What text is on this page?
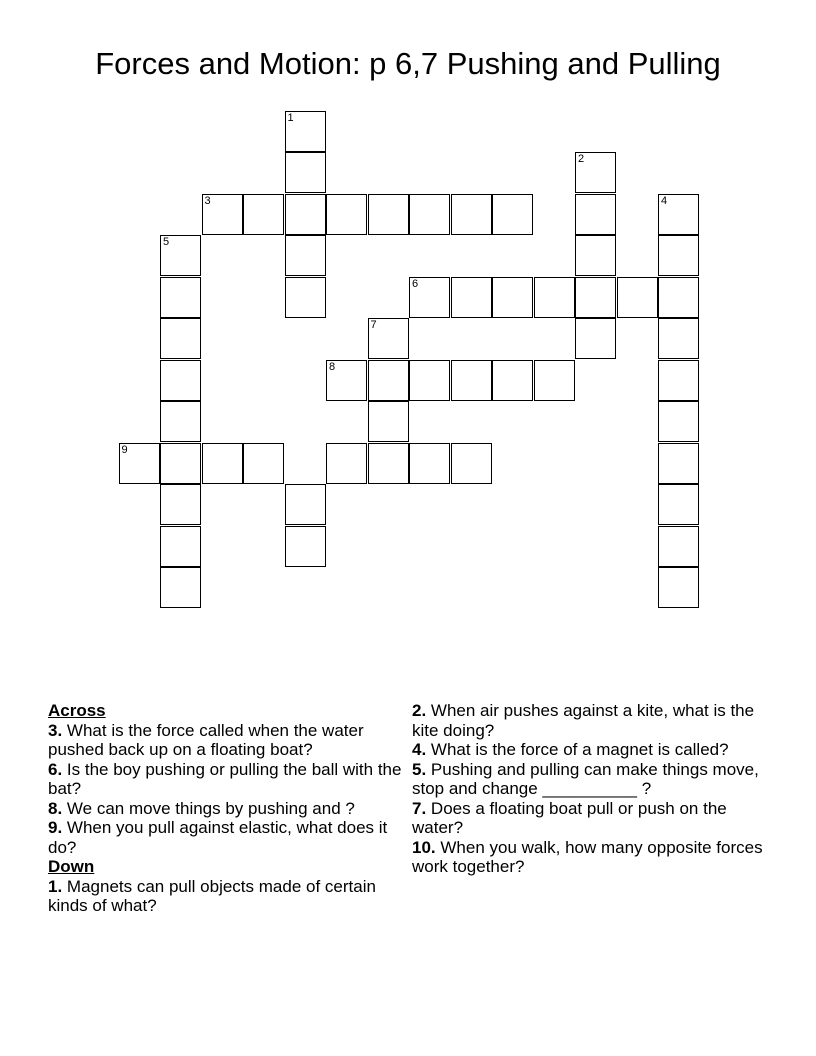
Forces and Motion: p 6,7 Pushing and Pulling
1
2
3	4
5
6
7
8
9
Across
3. What is the force called when the water pushed back up on a floating boat?
6. Is the boy pushing or pulling the ball with the bat?
8. We can move things by pushing and ?
9. When you pull against elastic, what does it do?
Down
1. Magnets can pull objects made of certain kinds of what?
2. When air pushes against a kite, what is the kite doing?
4. What is the force of a magnet is called?
5. Pushing and pulling can make things move, stop and change __________ ?
7. Does a floating boat pull or push on the water?
10. When you walk, how many opposite forces work together?
